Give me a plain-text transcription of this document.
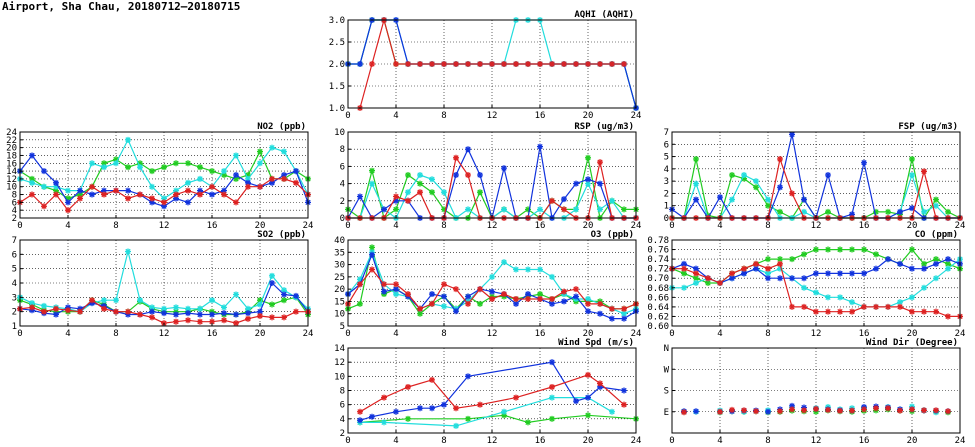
Airport, Sha Chau, 20180712–20180715
0	4	8	12	16	20	24
1.0
1.5
2.0
2.5
3.0
AQHI (AQHI)
0	4	8	12	16	20	24
2
4
6
8
10
12
14
16
18
20
22
24
NO2 (ppb)
0	4	8	12	16	20	24
0
2
4
6
8
10
RSP (ug/m3)
0	4	8	12	16	20	24
0
1
2
3
4
5
6
7
FSP (ug/m3)
0	4	8	12	16	20	24
1
2
3
4
5
6
7
SO2 (ppb)
0	4	8	12	16	20	24
5
10
15
20
25
30
35
40
O3 (ppb)
0	4	8	12	16	20	24
0.60
0.62
0.64
0.66
0.68
0.70
0.72
0.74
0.76
0.78
CO (ppm)
0	4	8	12	16	20	24
2
4
6
8
10
12
14
Wind Spd (m/s)
0	4	8	12	16	20	24
E
S
W
N
Wind Dir (Degree)
